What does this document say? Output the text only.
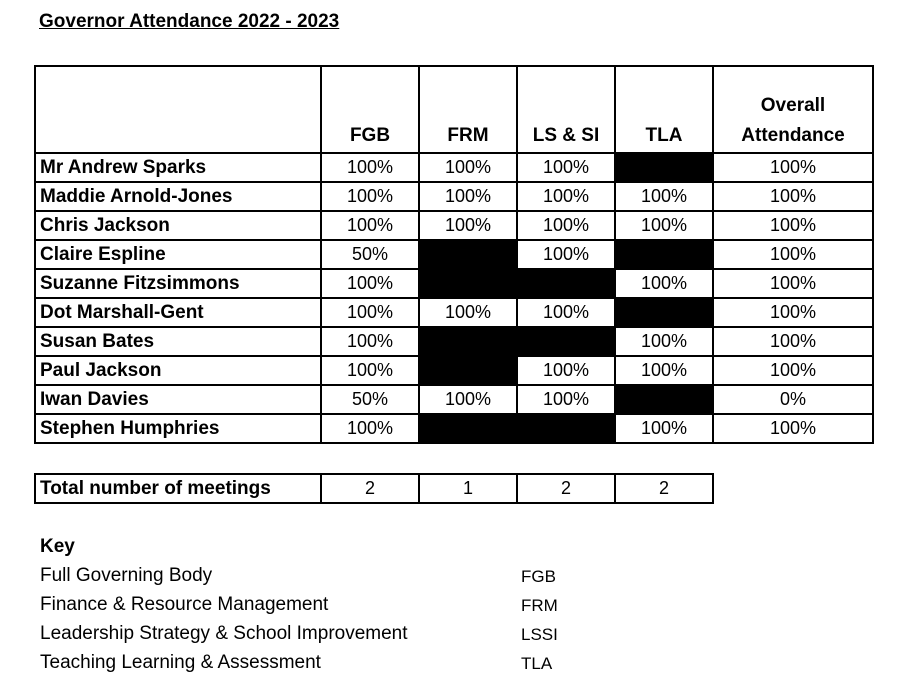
Governor Attendance 2022 - 2023
	FGB	FRM	LS & SI	TLA	Overall
Attendance
Mr Andrew Sparks	100%	100%	100%		100%
Maddie Arnold-Jones	100%	100%	100%	100%	100%
Chris Jackson	100%	100%	100%	100%	100%
Claire Espline	50%		100%		100%
Suzanne Fitzsimmons	100%			100%	100%
Dot Marshall-Gent	100%	100%	100%		100%
Susan Bates	100%			100%	100%
Paul Jackson	100%		100%	100%	100%
Iwan Davies	50%	100%	100%		0%
Stephen Humphries	100%			100%	100%
Total number of meetings	2	1	2	2
Key
Full Governing Body	FGB
Finance & Resource Management	FRM
Leadership Strategy & School Improvement	LSSI
Teaching Learning & Assessment	TLA
